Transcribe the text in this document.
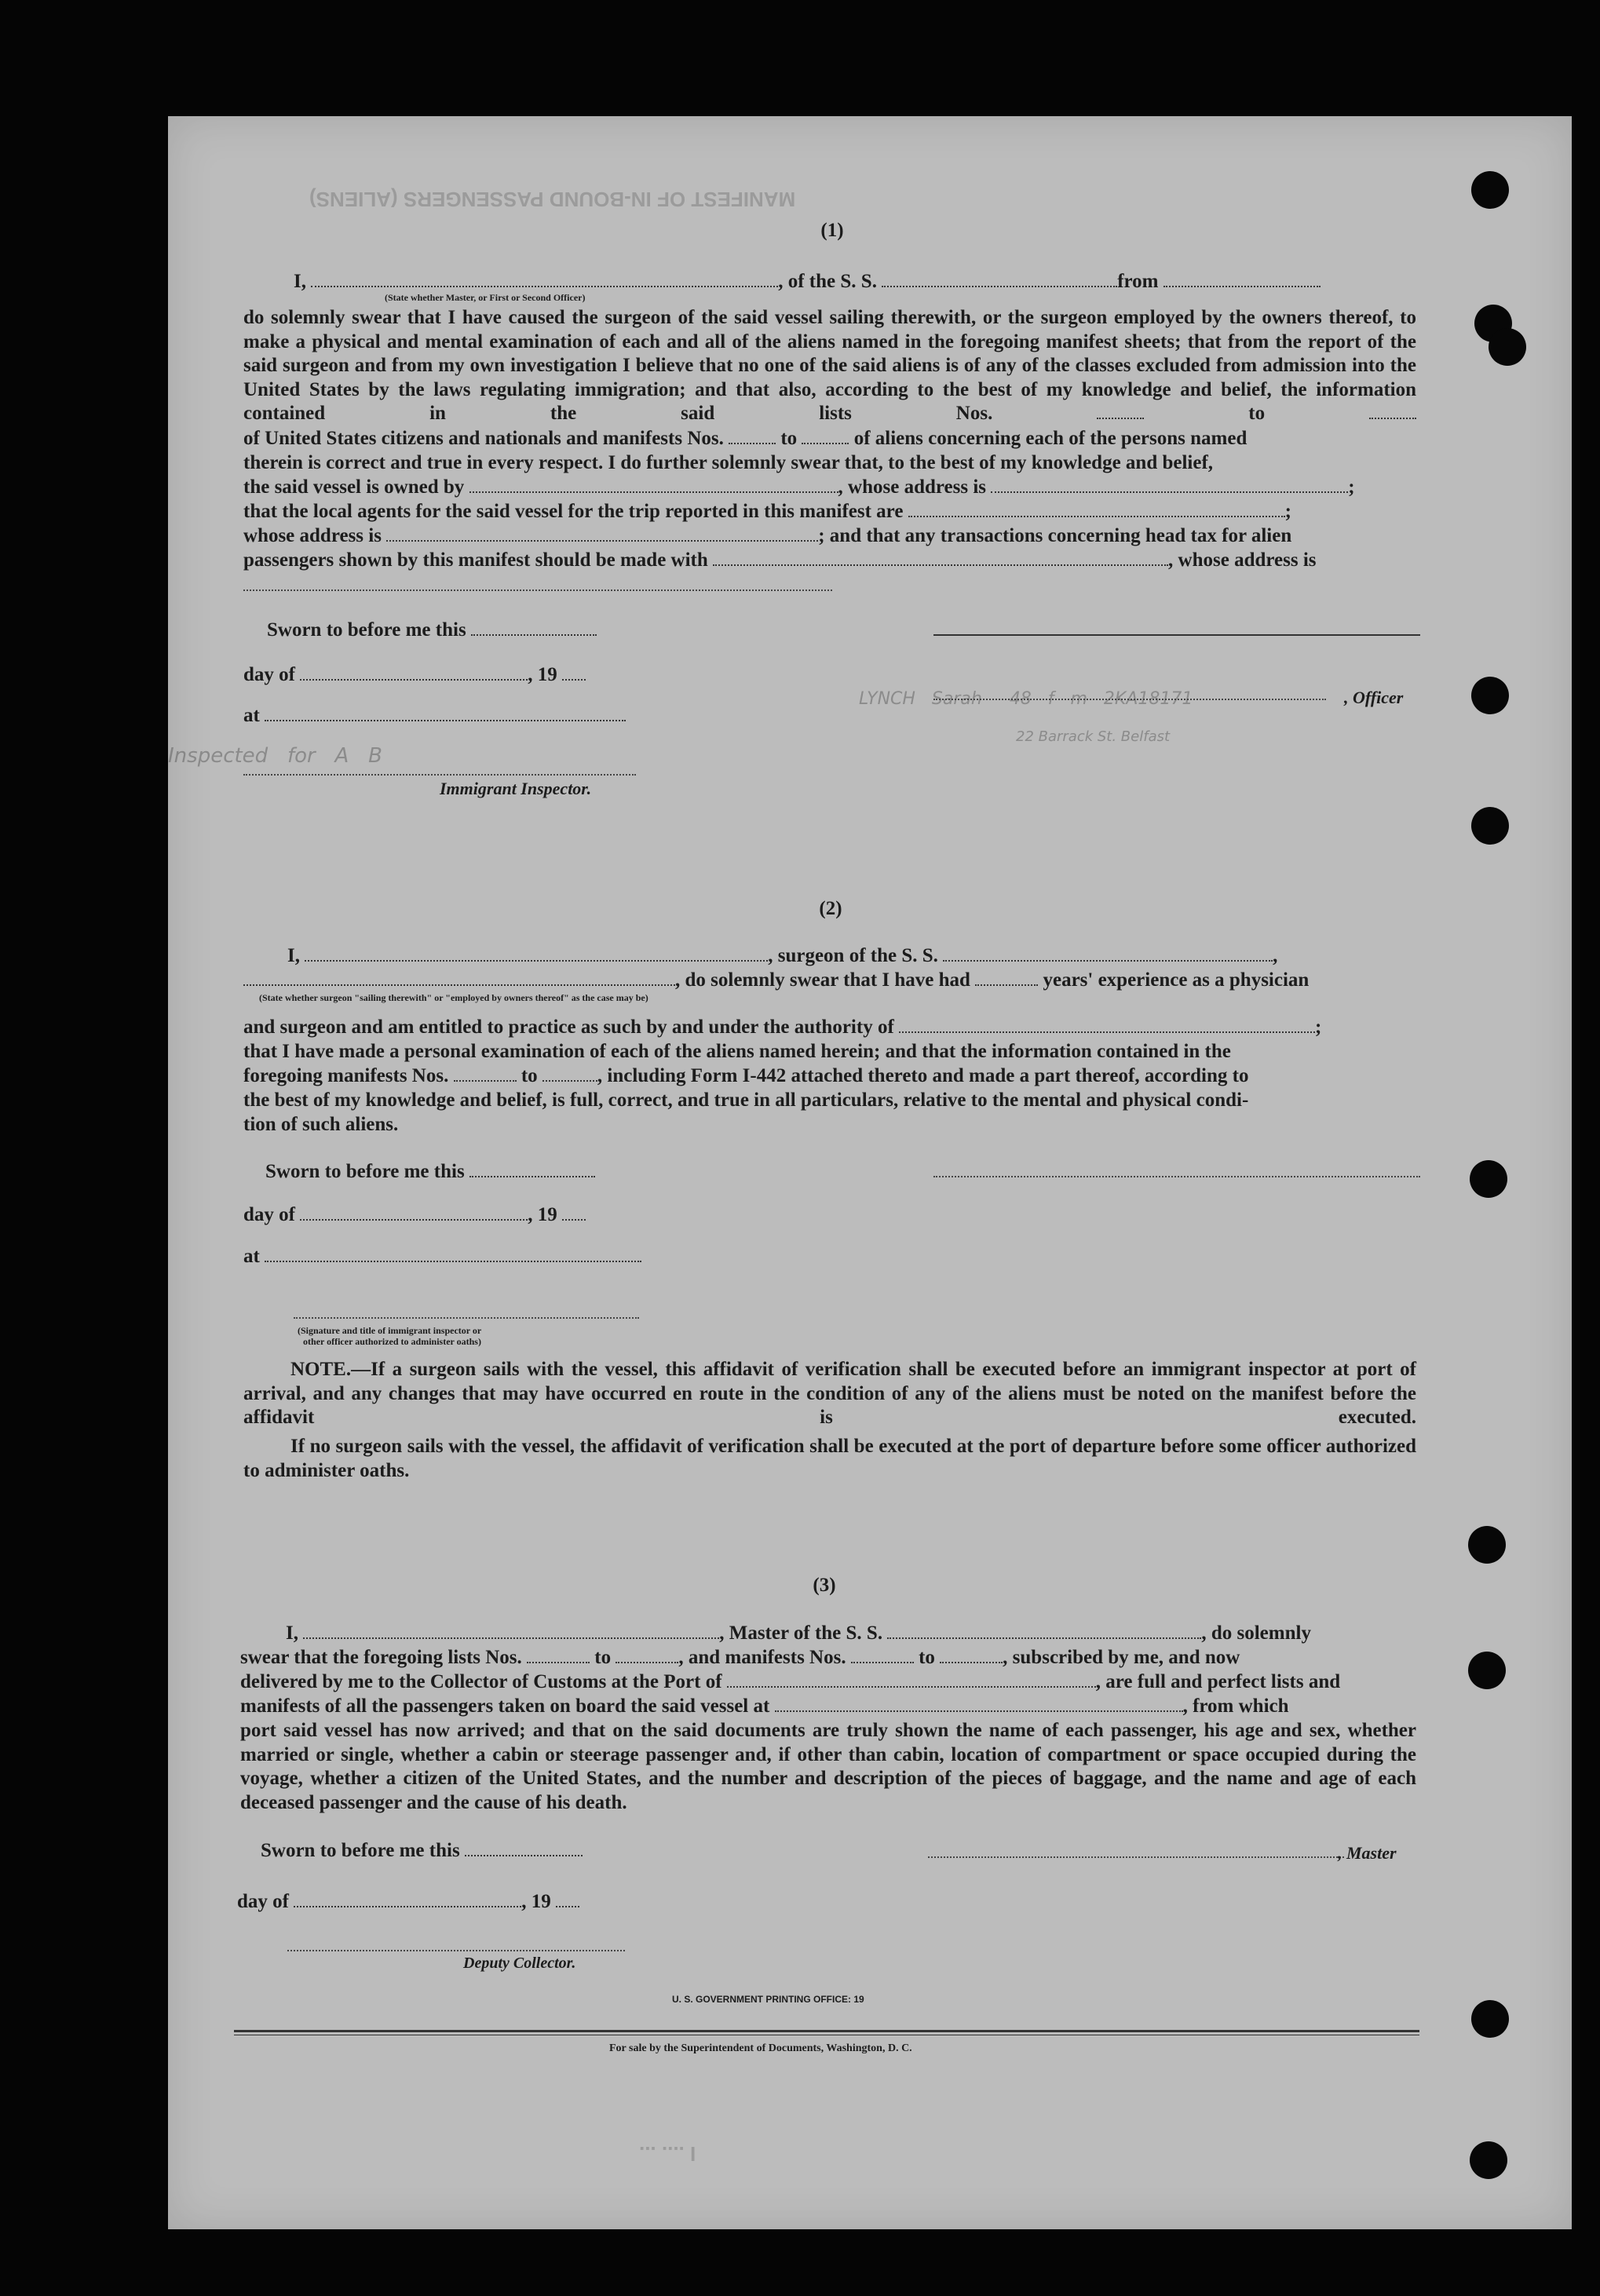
MANIFEST OF IN-BOUND PASSENGERS (ALIENS)
I .... ...
LYNCH   Sarah     48   f   m   2KA18171
22 Barrack St. Belfast
Inspected   for   A   B
(1)
I,	, of the S. S.	from
(State whether Master, or First or Second Officer)
do solemnly swear that I have caused the surgeon of the said vessel sailing therewith, or the surgeon employed by the owners thereof, to make a physical and mental examination of each and all of the aliens named in the foregoing manifest sheets; that from the report of the said surgeon and from my own investigation I believe that no one of the said aliens is of any of the classes excluded from admission into the United States by the laws regulating immigration; and that also, according to the best of my knowledge and belief, the information contained in the said lists Nos.	to
of United States citizens and nationals and manifests Nos.	to	of aliens concerning each of the persons named
therein is correct and true in every respect. I do further solemnly swear that, to the best of my knowledge and belief,
the said vessel is owned by	, whose address is	;
that the local agents for the said vessel for the trip reported in this manifest are	;
whose address is	; and that any transactions concerning head tax for alien
passengers shown by this manifest should be made with	, whose address is
Sworn to before me this
day of	, 19
, Officer
at
Immigrant Inspector.
(2)
I,	, surgeon of the S. S.	,
, do solemnly swear that I have had	years' experience as a physician
(State whether surgeon "sailing therewith" or "employed by owners thereof" as the case may be)
and surgeon and am entitled to practice as such by and under the authority of	;
that I have made a personal examination of each of the aliens named herein; and that the information contained in the
foregoing manifests Nos.	to	, including Form I-442 attached thereto and made a part thereof, according to
the best of my knowledge and belief, is full, correct, and true in all particulars, relative to the mental and physical condi-
tion of such aliens.
Sworn to before me this
day of	, 19
at
(Signature and title of immigrant inspector or
other officer authorized to administer oaths)
NOTE.—If a surgeon sails with the vessel, this affidavit of verification shall be executed before an immigrant inspector at port of arrival, and any changes that may have occurred en route in the condition of any of the aliens must be noted on the manifest before the affidavit is executed.
If no surgeon sails with the vessel, the affidavit of verification shall be executed at the port of departure before some officer authorized to administer oaths.
(3)
I,	, Master of the S. S.	, do solemnly
swear that the foregoing lists Nos.	to	, and manifests Nos.	to	, subscribed by me, and now
delivered by me to the Collector of Customs at the Port of	, are full and perfect lists and
manifests of all the passengers taken on board the said vessel at	, from which
port said vessel has now arrived; and that on the said documents are truly shown the name of each passenger, his age and sex, whether married or single, whether a cabin or steerage passenger and, if other than cabin, location of compartment or space occupied during the voyage, whether a citizen of the United States, and the number and description of the pieces of baggage, and the name and age of each deceased passenger and the cause of his death.
Sworn to before me this	, Master
day of	, 19
Deputy Collector.
U. S. GOVERNMENT PRINTING OFFICE: 19
For sale by the Superintendent of Documents, Washington, D. C.
